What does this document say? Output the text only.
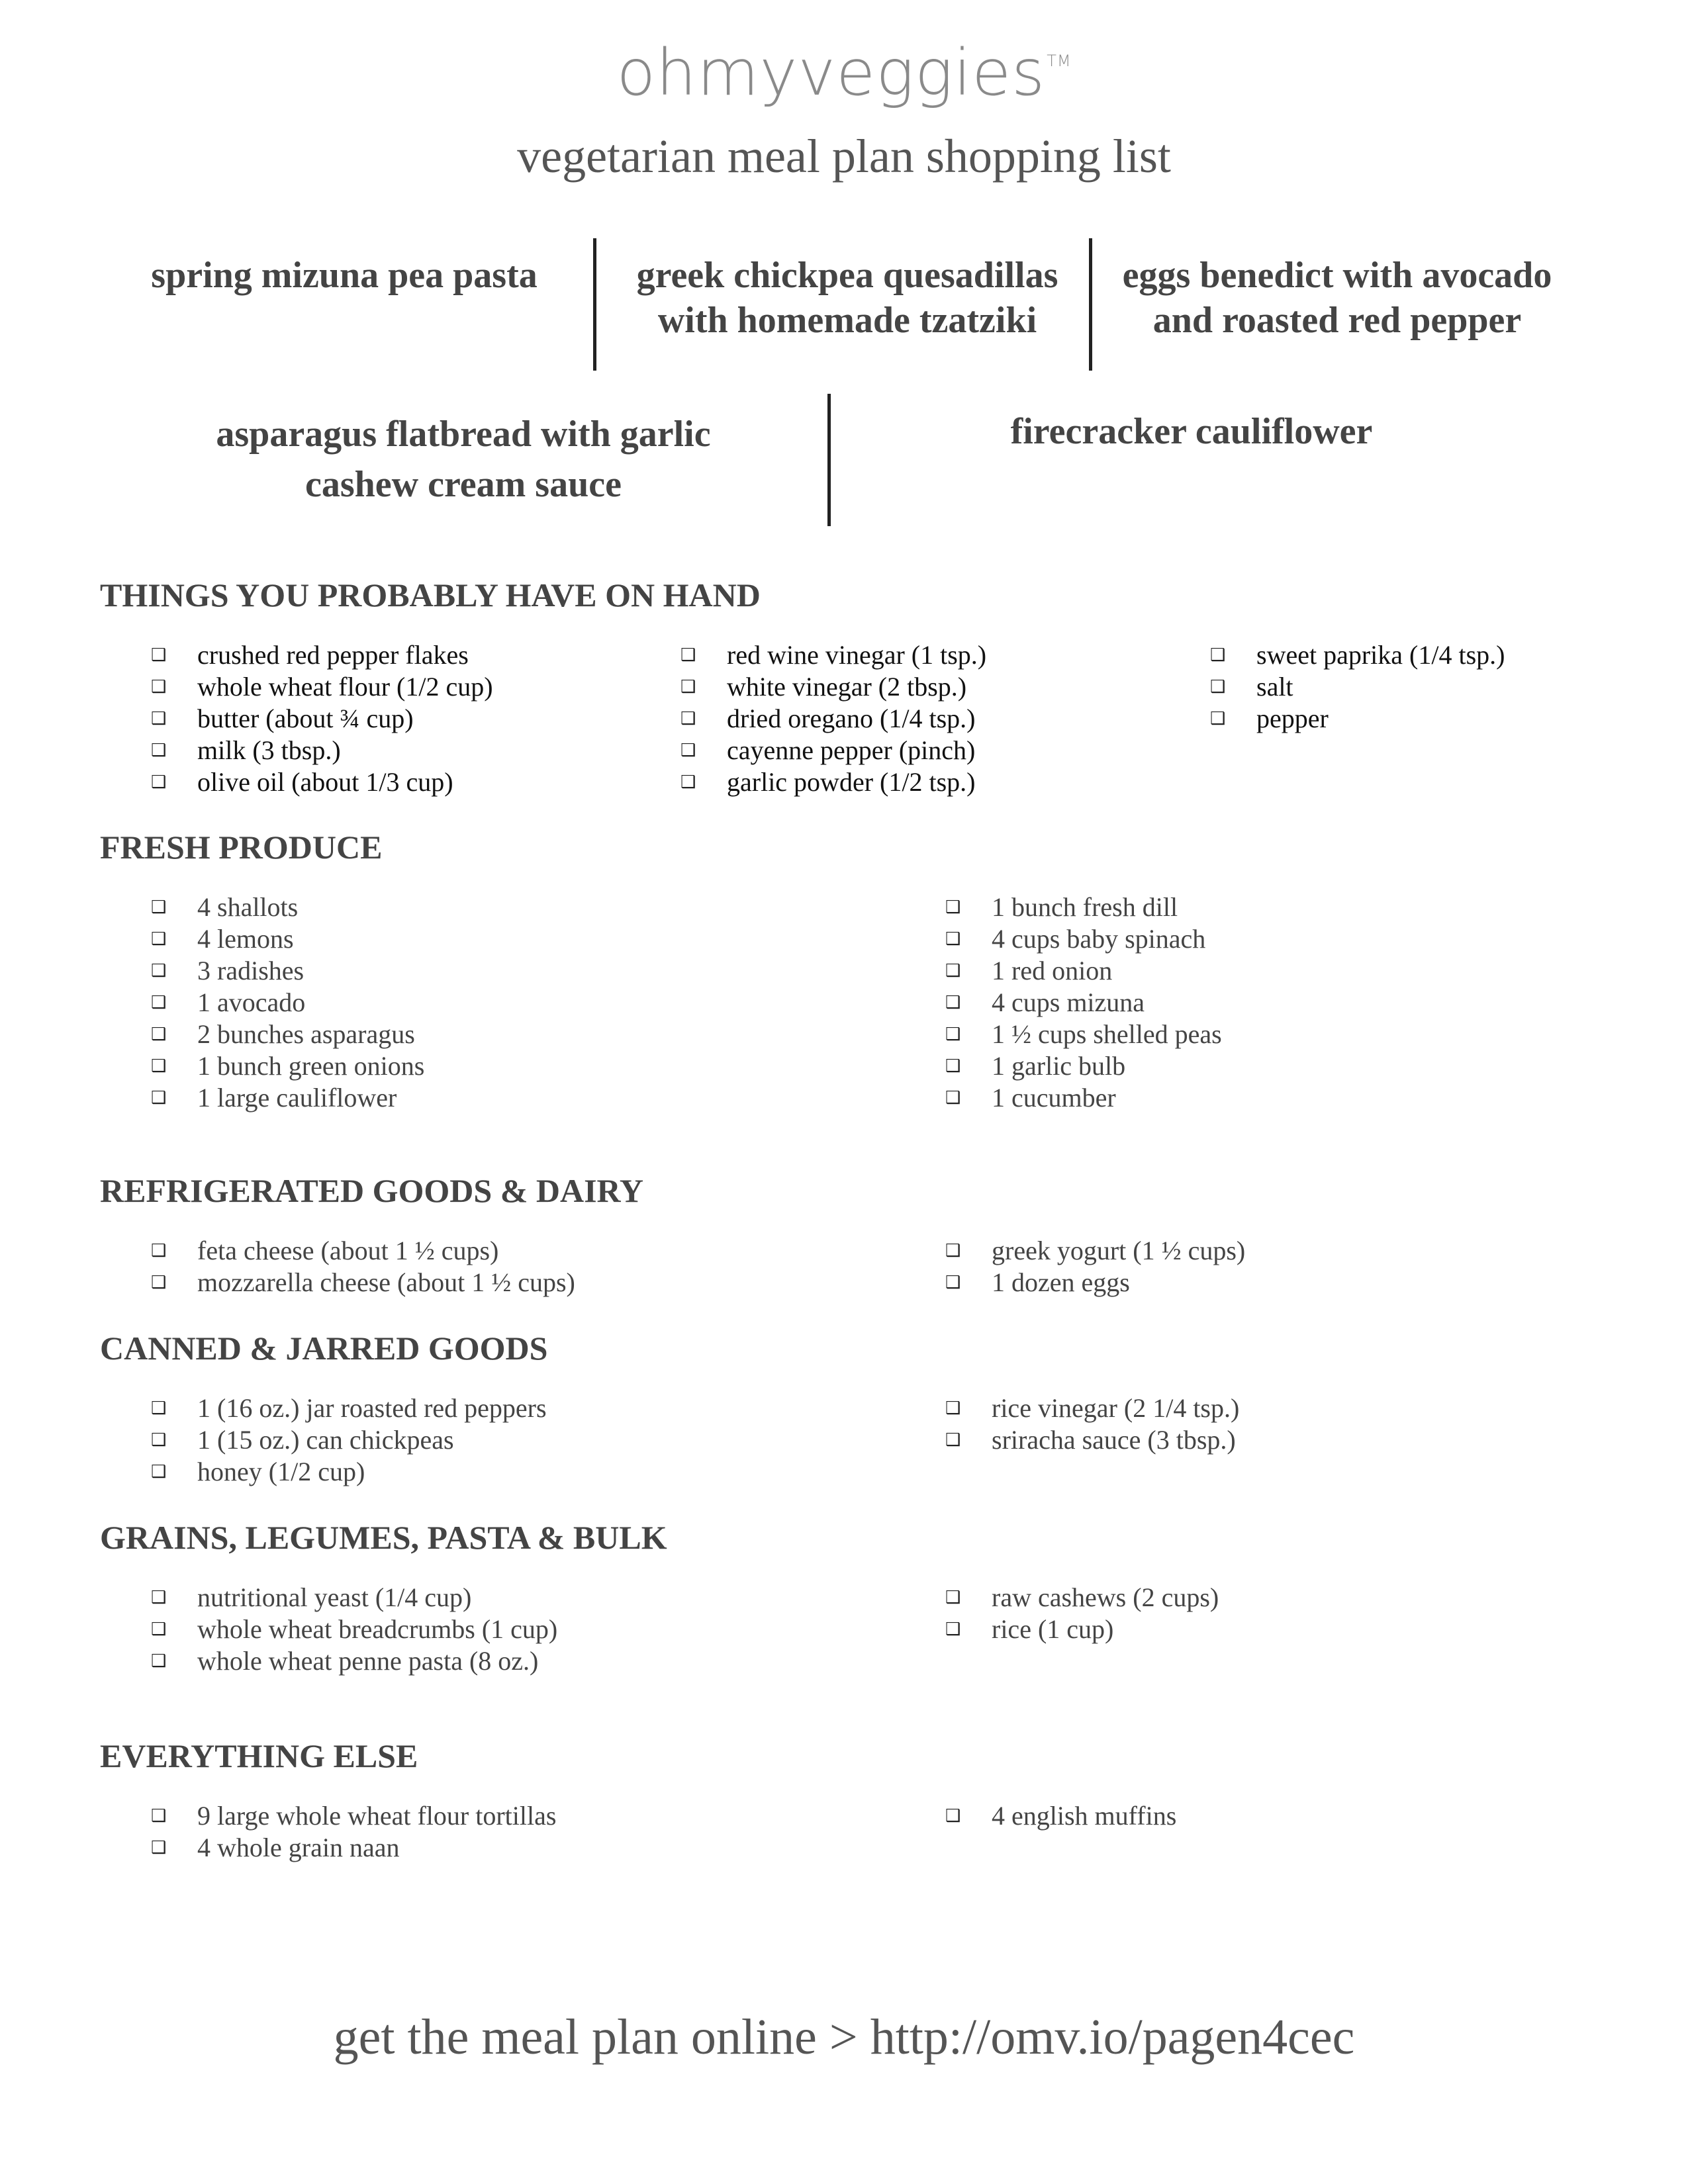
ohmyveggies™
vegetarian meal plan shopping list
spring mizuna pea pasta	greek chickpea quesadillas
with homemade tzatziki
eggs benedict with avocado
and roasted red pepper
asparagus flatbread with garlic
cashew cream sauce
firecracker cauliflower
THINGS YOU PROBABLY HAVE ON HAND
❑ crushed red pepper flakes
❑ whole wheat flour (1/2 cup)
❑ butter (about ¾ cup)
❑ milk (3 tbsp.)
❑ olive oil (about 1/3 cup)
❑ red wine vinegar (1 tsp.)
❑ white vinegar (2 tbsp.)
❑ dried oregano (1/4 tsp.)
❑ cayenne pepper (pinch)
❑ garlic powder (1/2 tsp.)
❑ sweet paprika (1/4 tsp.)
❑ salt
❑ pepper
FRESH PRODUCE
❑ 4 shallots
❑ 4 lemons
❑ 3 radishes
❑ 1 avocado
❑ 2 bunches asparagus
❑ 1 bunch green onions
❑ 1 large cauliflower
❑ 1 bunch fresh dill
❑ 4 cups baby spinach
❑ 1 red onion
❑ 4 cups mizuna
❑ 1 ½ cups shelled peas
❑ 1 garlic bulb
❑ 1 cucumber
REFRIGERATED GOODS & DAIRY
❑ feta cheese (about 1 ½ cups)
❑ mozzarella cheese (about 1 ½ cups)
❑ greek yogurt (1 ½ cups)
❑ 1 dozen eggs
CANNED & JARRED GOODS
❑ 1 (16 oz.) jar roasted red peppers
❑ 1 (15 oz.) can chickpeas
❑ honey (1/2 cup)
❑ rice vinegar (2 1/4 tsp.)
❑ sriracha sauce (3 tbsp.)
GRAINS, LEGUMES, PASTA & BULK
❑ nutritional yeast (1/4 cup)
❑ whole wheat breadcrumbs (1 cup)
❑ whole wheat penne pasta (8 oz.)
❑ raw cashews (2 cups)
❑ rice (1 cup)
EVERYTHING ELSE
❑ 9 large whole wheat flour tortillas
❑ 4 whole grain naan
❑ 4 english muffins
get the meal plan online > http://omv.io/pagen4cec
